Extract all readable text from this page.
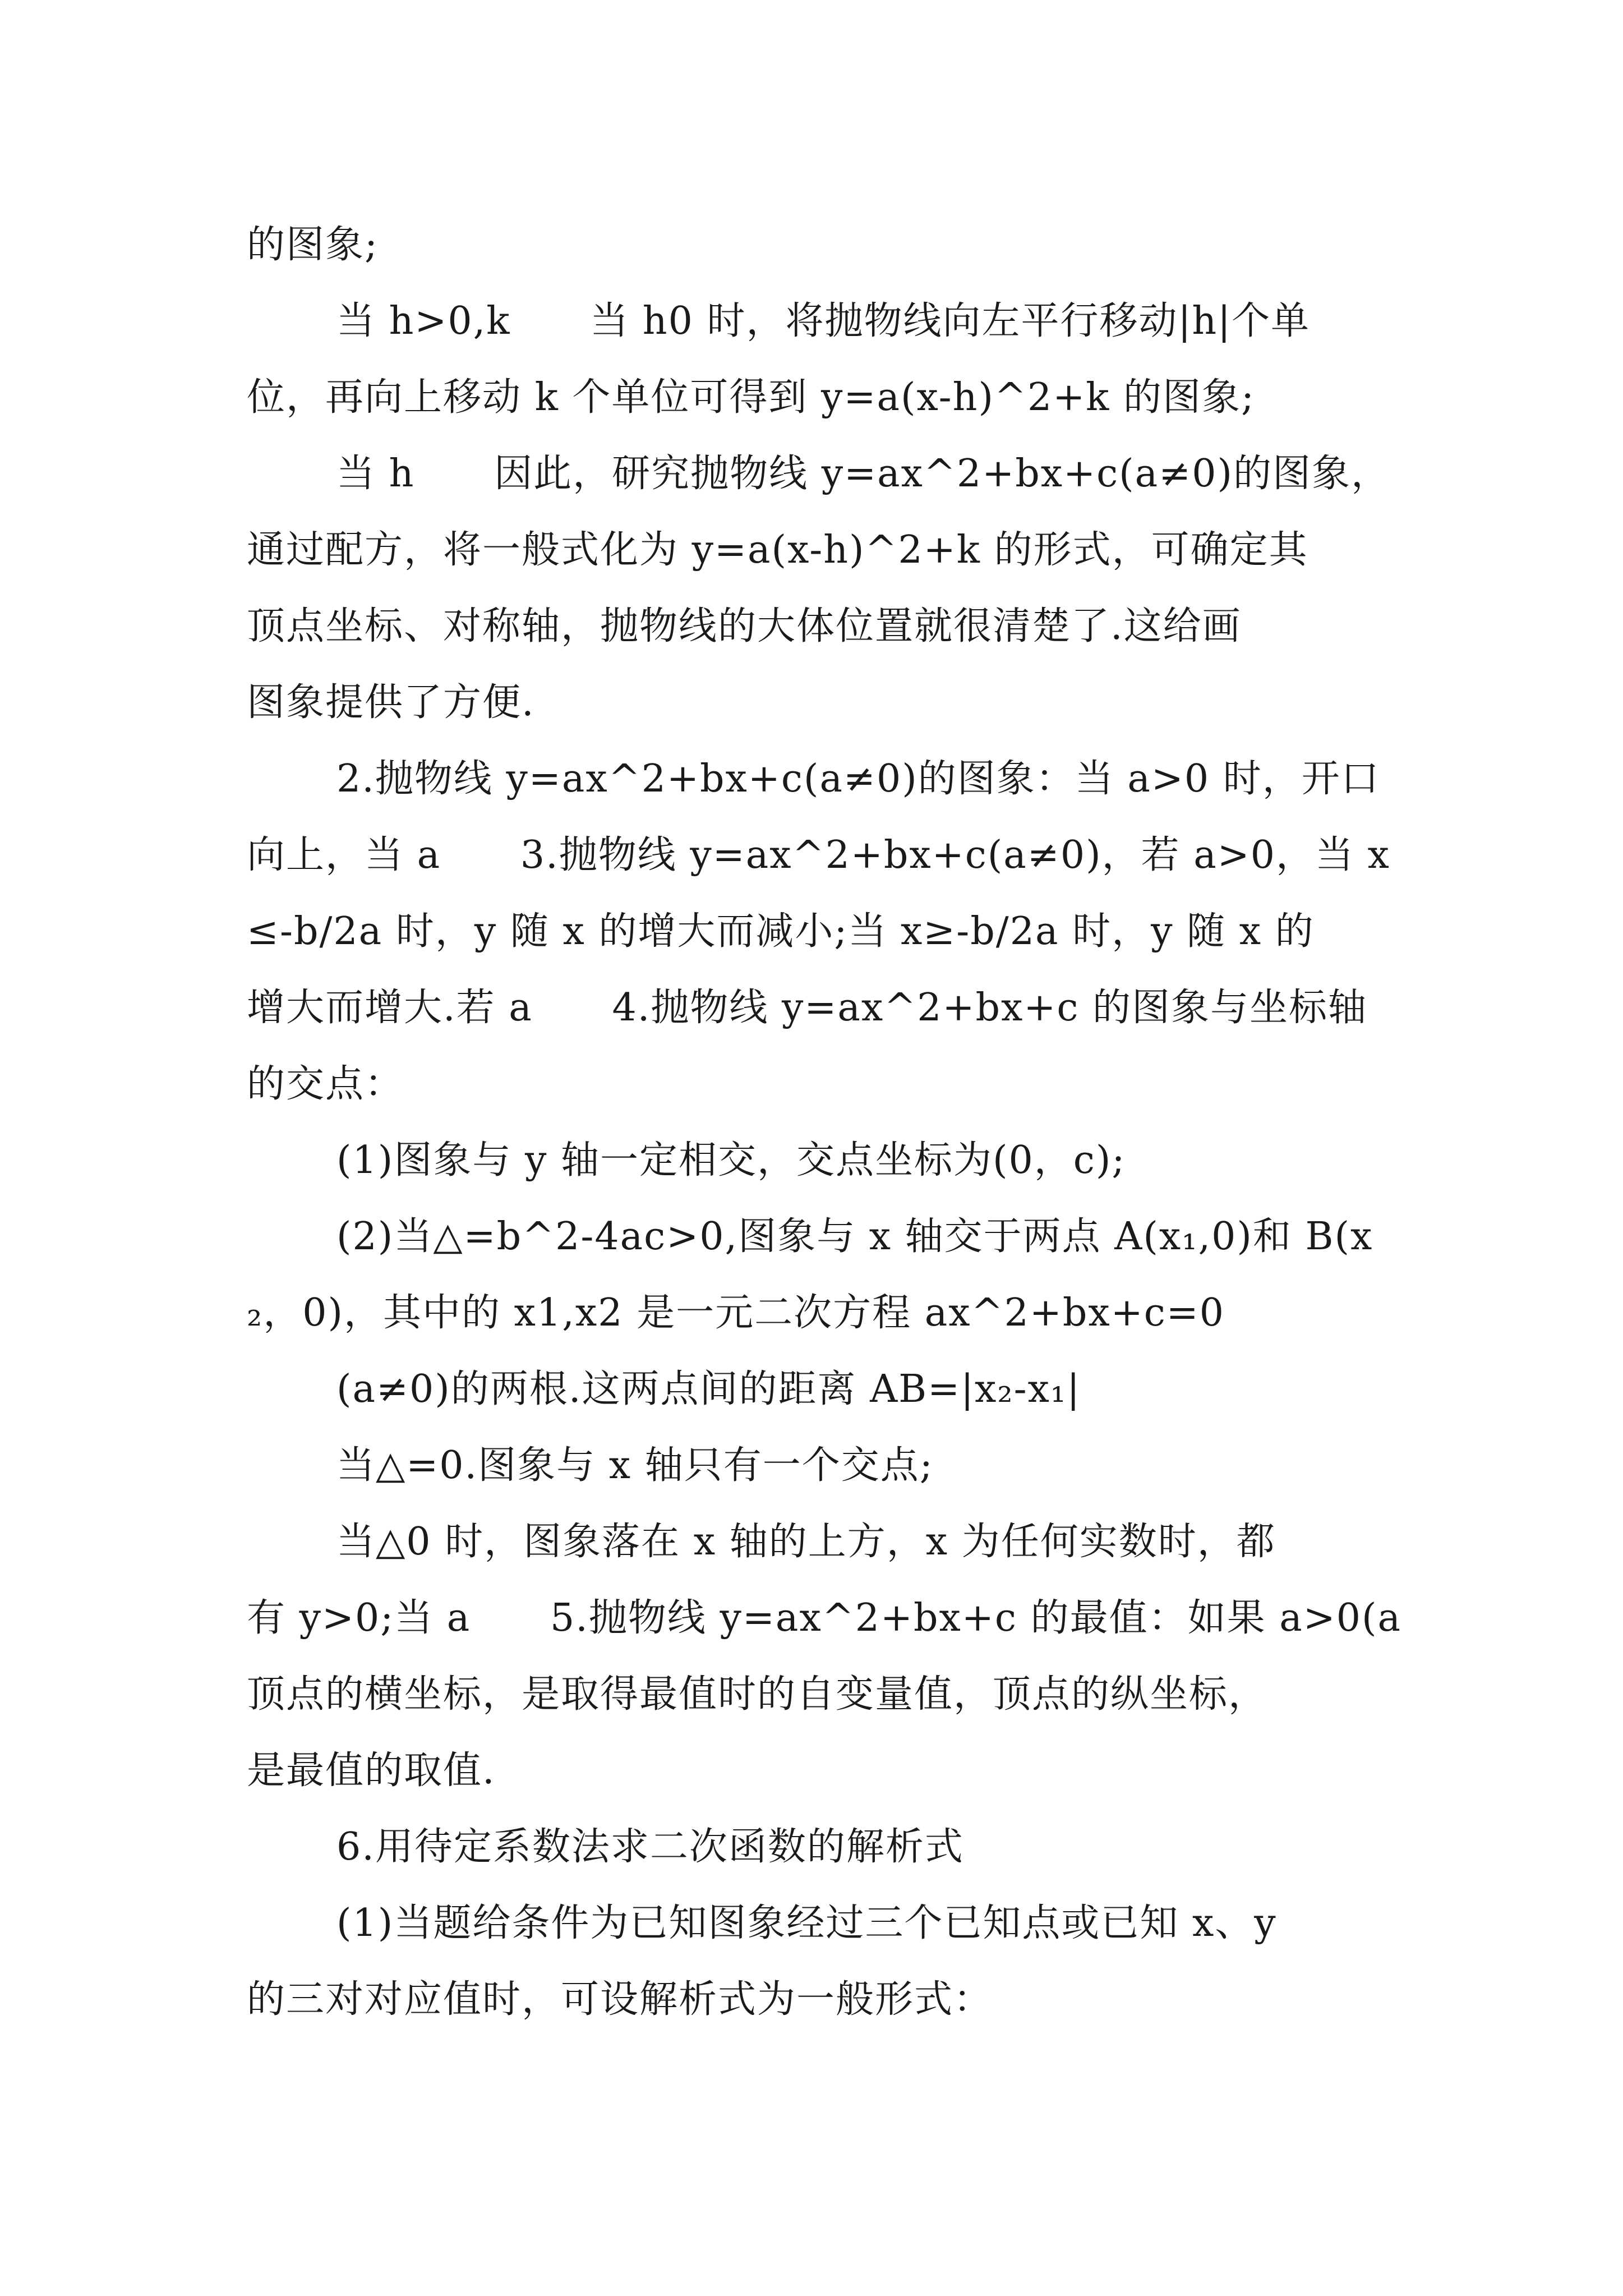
的图象;
当 h>0,k      当 h0 时，将抛物线向左平行移动|h|个单
位，再向上移动 k 个单位可得到 y=a(x-h)^2+k 的图象;
当 h      因此，研究抛物线 y=ax^2+bx+c(a≠0)的图象，
通过配方，将一般式化为 y=a(x-h)^2+k 的形式，可确定其
顶点坐标、对称轴，抛物线的大体位置就很清楚了.这给画
图象提供了方便.
2.抛物线 y=ax^2+bx+c(a≠0)的图象：当 a>0 时，开口
向上，当 a      3.抛物线 y=ax^2+bx+c(a≠0)，若 a>0，当 x
≤-b/2a 时，y 随 x 的增大而减小;当 x≥-b/2a 时，y 随 x 的
增大而增大.若 a      4.抛物线 y=ax^2+bx+c 的图象与坐标轴
的交点：
(1)图象与 y 轴一定相交，交点坐标为(0，c);
(2)当△=b^2-4ac>0,图象与 x 轴交于两点 A(x₁,0)和 B(x
₂，0)，其中的 x1,x2 是一元二次方程 ax^2+bx+c=0
(a≠0)的两根.这两点间的距离 AB=|x₂-x₁|
当△=0.图象与 x 轴只有一个交点;
当△0 时，图象落在 x 轴的上方，x 为任何实数时，都
有 y>0;当 a      5.抛物线 y=ax^2+bx+c 的最值：如果 a>0(a
顶点的横坐标，是取得最值时的自变量值，顶点的纵坐标，
是最值的取值.
6.用待定系数法求二次函数的解析式
(1)当题给条件为已知图象经过三个已知点或已知 x、y
的三对对应值时，可设解析式为一般形式：
